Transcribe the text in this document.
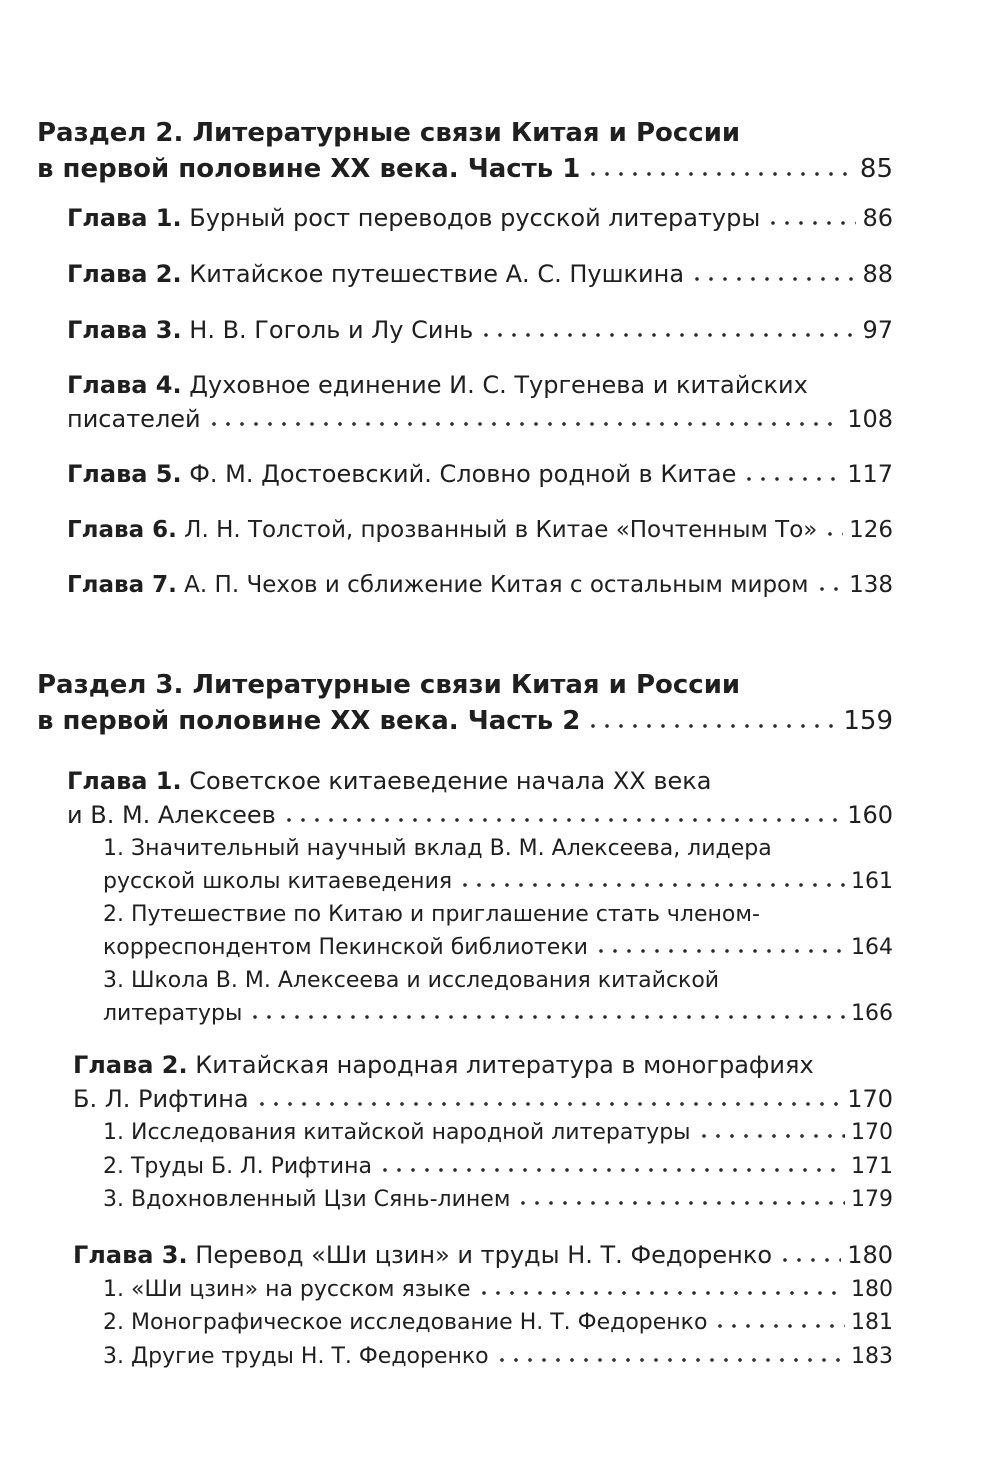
Раздел 2. Литературные связи Китая и России
в первой половине XX века. Часть 1	85
Глава 1. Бурный рост переводов русской литературы	86
Глава 2. Китайское путешествие А. С. Пушкина	88
Глава 3. Н. В. Гоголь и Лу Синь	97
Глава 4. Духовное единение И. С. Тургенева и китайских
писателей	108
Глава 5. Ф. М. Достоевский. Словно родной в Китае	117
Глава 6. Л. Н. Толстой, прозванный в Китае «Почтенным То» 126
Глава 7. А. П. Чехов и сближение Китая с остальным миром 138
Раздел 3. Литературные связи Китая и России
в первой половине XX века. Часть 2	159
Глава 1. Советское китаеведение начала XX века
и В. М. Алексеев	160
1. Значительный научный вклад В. М. Алексеева, лидера
русской школы китаеведения	161
2. Путешествие по Китаю и приглашение стать членом-
корреспондентом Пекинской библиотеки	164
3. Школа В. М. Алексеева и исследования китайской
литературы	166
Глава 2. Китайская народная литература в монографиях
Б. Л. Рифтина	170
1. Исследования китайской народной литературы	170
2. Труды Б. Л. Рифтина	171
3. Вдохновленный Цзи Сянь-линем	179
Глава 3. Перевод «Ши цзин» и труды Н. Т. Федоренко	180
1. «Ши цзин» на русском языке	180
2. Монографическое исследование Н. Т. Федоренко	181
3. Другие труды Н. Т. Федоренко	183
